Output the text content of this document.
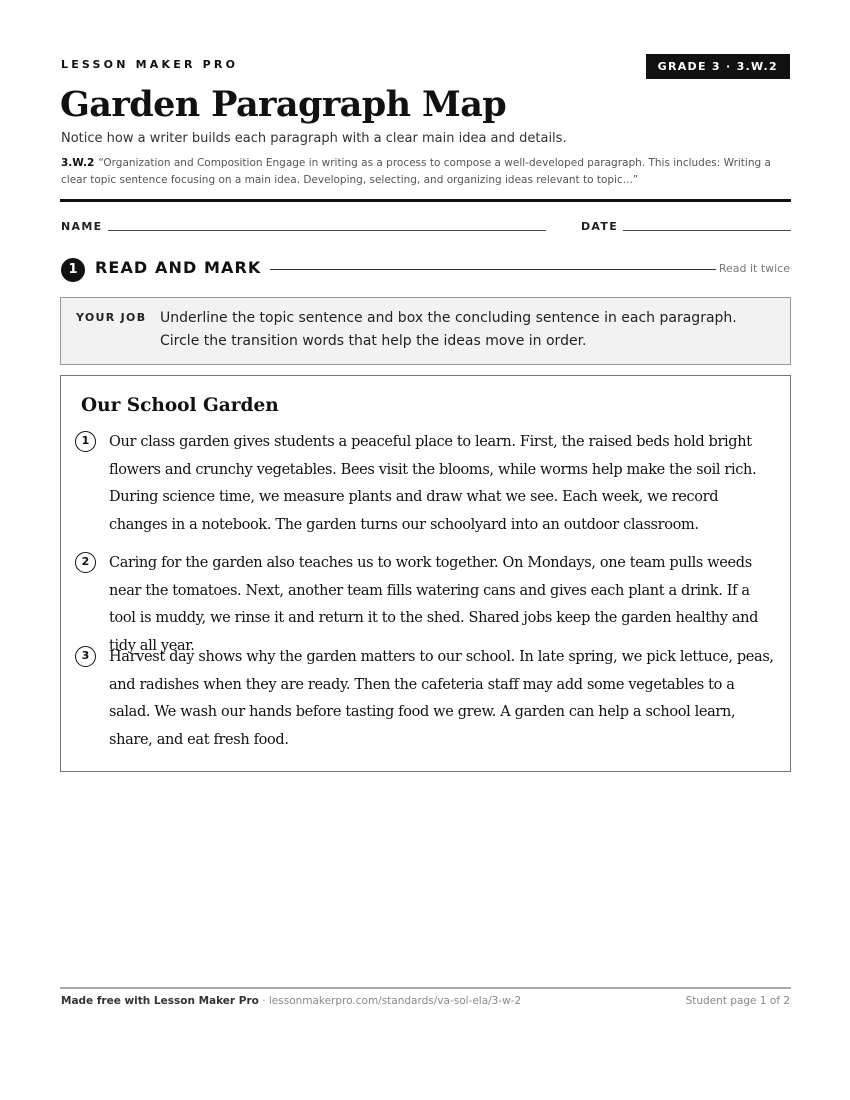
LESSON MAKER PRO	GRADE 3 · 3.W.2
Garden Paragraph Map
Notice how a writer builds each paragraph with a clear main idea and details.
3.W.2 “Organization and Composition Engage in writing as a process to compose a well-developed paragraph. This includes: Writing a clear topic sentence focusing on a main idea. Developing, selecting, and organizing ideas relevant to topic...”
NAME	DATE
1	READ AND MARK	Read it twice
YOUR JOB Underline the topic sentence and box the concluding sentence in each paragraph. Circle the transition words that help the ideas move in order.
Our School Garden
1	Our class garden gives students a peaceful place to learn. First, the raised beds hold bright flowers and crunchy vegetables. Bees visit the blooms, while worms help make the soil rich. During science time, we measure plants and draw what we see. Each week, we record changes in a notebook. The garden turns our schoolyard into an outdoor classroom.

2	Caring for the garden also teaches us to work together. On Mondays, one team pulls weeds near the tomatoes. Next, another team fills watering cans and gives each plant a drink. If a tool is muddy, we rinse it and return it to the shed. Shared jobs keep the garden healthy and tidy all year.

3	Harvest day shows why the garden matters to our school. In late spring, we pick lettuce, peas, and radishes when they are ready. Then the cafeteria staff may add some vegetables to a salad. We wash our hands before tasting food we grew. A garden can help a school learn, share, and eat fresh food.

Made free with Lesson Maker Pro · lessonmakerpro.com/standards/va-sol-ela/3-w-2	Student page 1 of 2
